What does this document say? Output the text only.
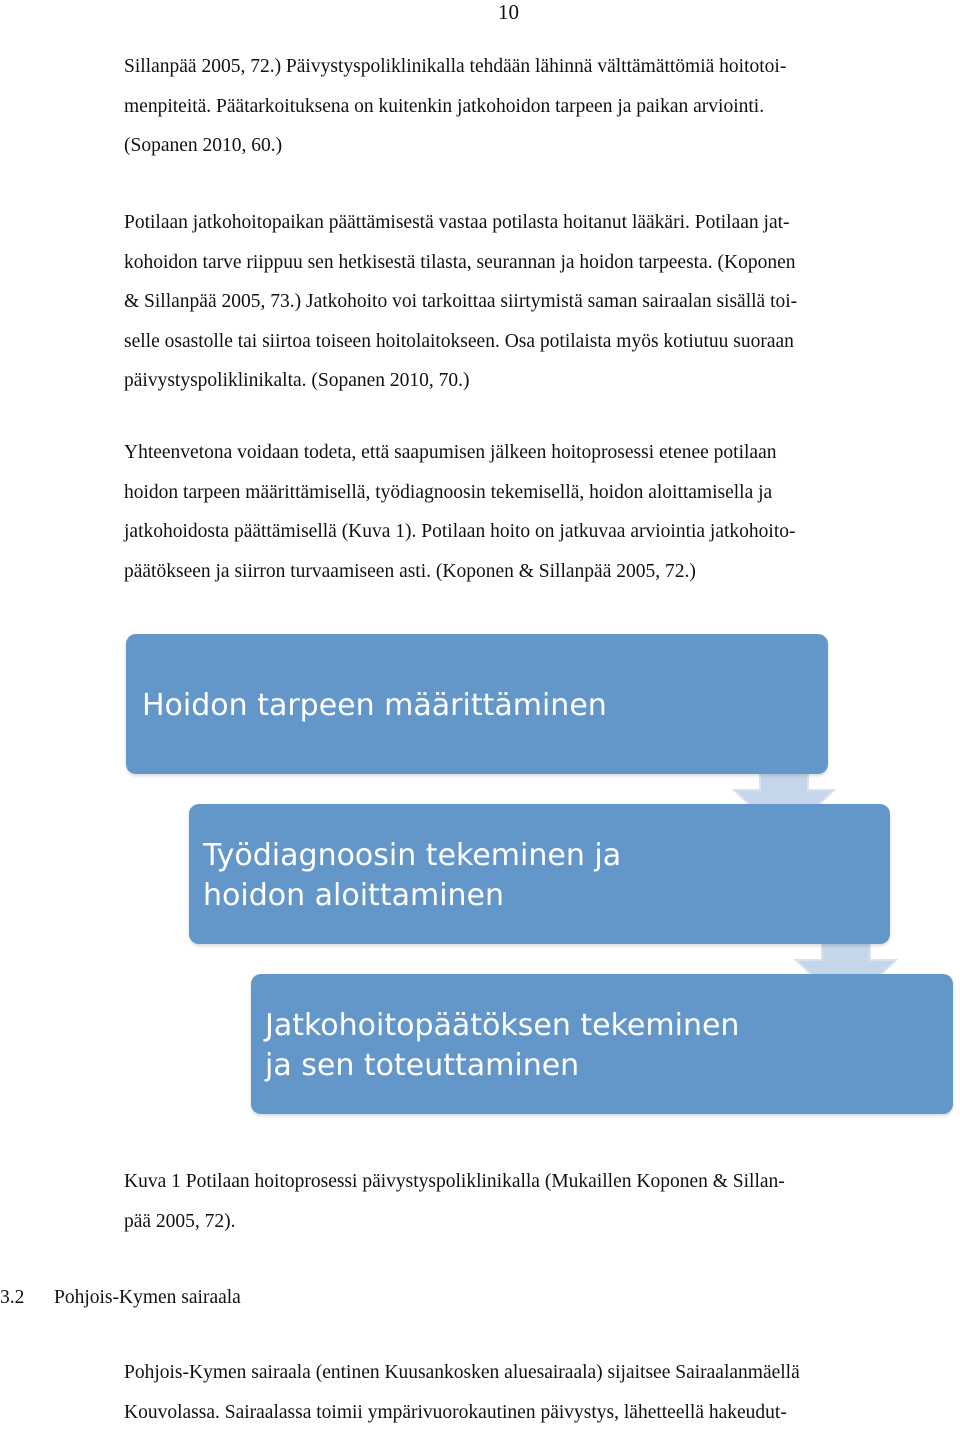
10

Sillanpää 2005, 72.) Päivystyspoliklinikalla tehdään lähinnä välttämättömiä hoitotoi-
menpiteitä. Päätarkoituksena on kuitenkin jatkohoidon tarpeen ja paikan arviointi.
(Sopanen 2010, 60.)

Potilaan jatkohoitopaikan päättämisestä vastaa potilasta hoitanut lääkäri. Potilaan jat-
kohoidon tarve riippuu sen hetkisestä tilasta, seurannan ja hoidon tarpeesta. (Koponen
& Sillanpää 2005, 73.) Jatkohoito voi tarkoittaa siirtymistä saman sairaalan sisällä toi-
selle osastolle tai siirtoa toiseen hoitolaitokseen. Osa potilaista myös kotiutuu suoraan
päivystyspoliklinikalta. (Sopanen 2010, 70.)

Yhteenvetona voidaan todeta, että saapumisen jälkeen hoitoprosessi etenee potilaan
hoidon tarpeen määrittämisellä, työdiagnoosin tekemisellä, hoidon aloittamisella ja
jatkohoidosta päättämisellä (Kuva 1). Potilaan hoito on jatkuvaa arviointia jatkohoito-
päätökseen ja siirron turvaamiseen asti. (Koponen & Sillanpää 2005, 72.)

Hoidon tarpeen määrittäminen
Työdiagnoosin tekeminen ja
hoidon aloittaminen
Jatkohoitopäätöksen tekeminen
ja sen toteuttaminen

Kuva 1 Potilaan hoitoprosessi päivystyspoliklinikalla (Mukaillen Koponen & Sillan-
pää 2005, 72).

3.2 Pohjois-Kymen sairaala

Pohjois-Kymen sairaala (entinen Kuusankosken aluesairaala) sijaitsee Sairaalanmäellä
Kouvolassa. Sairaalassa toimii ympärivuorokautinen päivystys, lähetteellä hakeudut-
